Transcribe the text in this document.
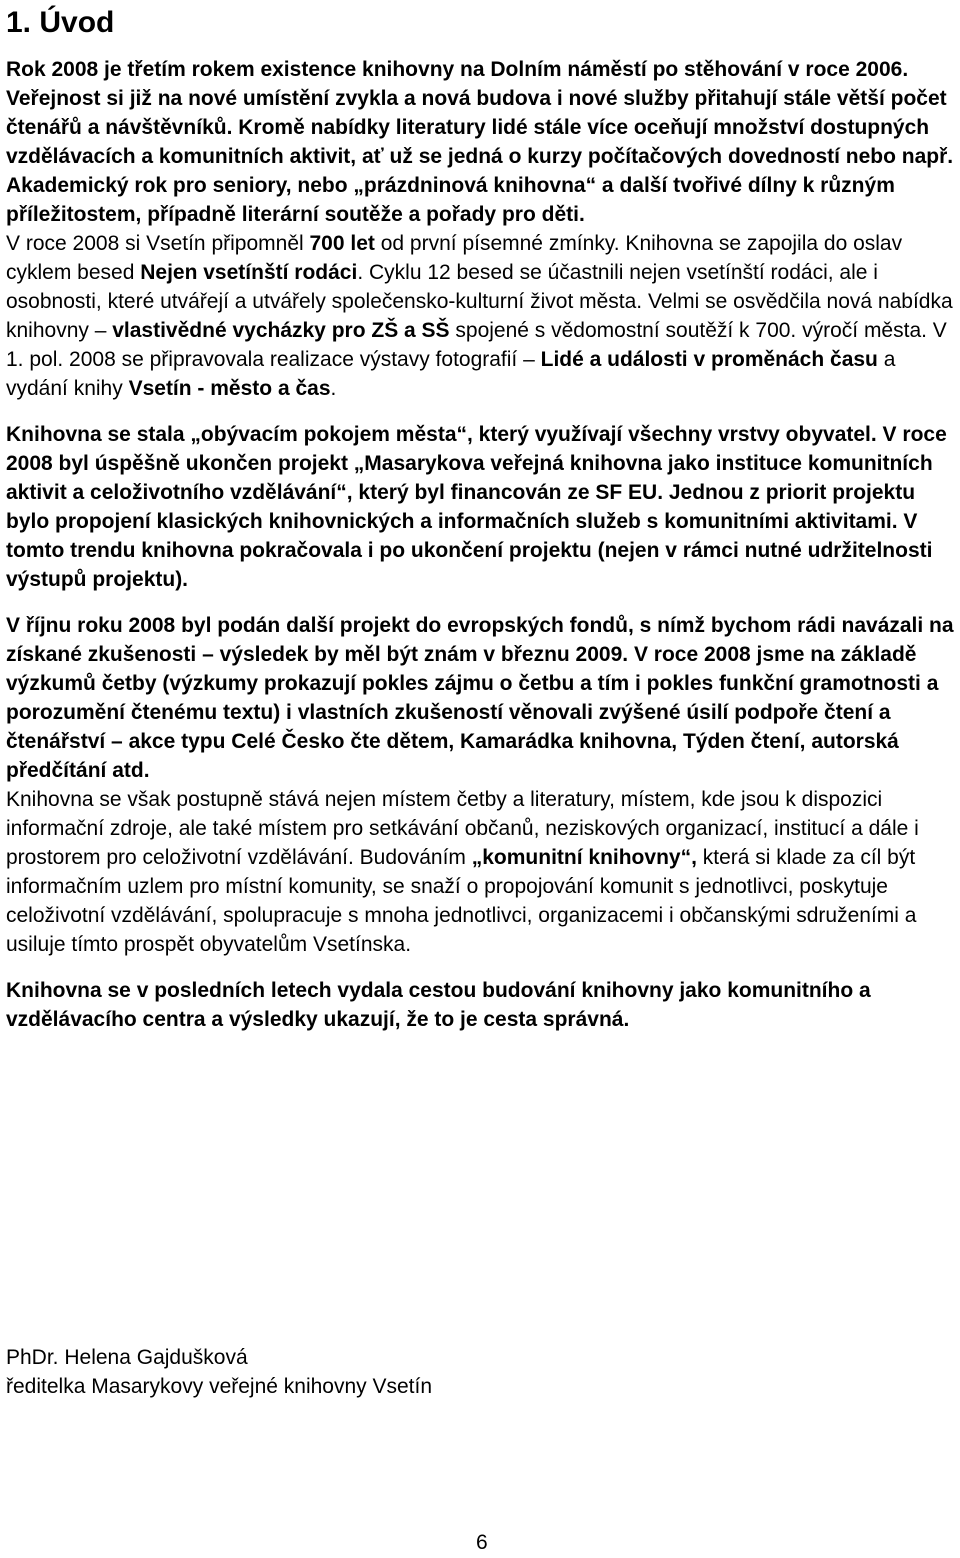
1. Úvod

Rok 2008 je třetím rokem existence knihovny na Dolním náměstí po stěhování v roce 2006. Veřejnost si již na nové umístění zvykla a nová budova i nové služby přitahují stále větší počet čtenářů a návštěvníků. Kromě nabídky literatury lidé stále více oceňují množství dostupných vzdělávacích a komunitních aktivit, ať už se jedná o kurzy počítačových dovedností nebo např. Akademický rok pro seniory, nebo „prázdninová knihovna“ a další tvořivé dílny k různým příležitostem, případně literární soutěže a pořady pro děti.
V roce 2008 si Vsetín připomněl 700 let od první písemné zmínky. Knihovna se zapojila do oslav cyklem besed Nejen vsetínští rodáci. Cyklu 12 besed se účastnili nejen vsetínští rodáci, ale i osobnosti, které utvářejí a utvářely společensko-kulturní život města. Velmi se osvědčila nová nabídka knihovny – vlastivědné vycházky pro ZŠ a SŠ spojené s vědomostní soutěží k 700. výročí města. V 1. pol. 2008 se připravovala realizace výstavy fotografií – Lidé a události v proměnách času a vydání knihy Vsetín - město a čas.

Knihovna se stala „obývacím pokojem města“, který využívají všechny vrstvy obyvatel. V roce 2008 byl úspěšně ukončen projekt „Masarykova veřejná knihovna jako instituce komunitních aktivit a celoživotního vzdělávání“, který byl financován ze SF EU. Jednou z priorit projektu bylo propojení klasických knihovnických a informačních služeb s komunitními aktivitami. V tomto trendu knihovna pokračovala i po ukončení projektu (nejen v rámci nutné udržitelnosti výstupů projektu).

V říjnu roku 2008 byl podán další projekt do evropských fondů, s nímž bychom rádi navázali na získané zkušenosti – výsledek by měl být znám v březnu 2009. V roce 2008 jsme na základě výzkumů četby (výzkumy prokazují pokles zájmu o četbu a tím i pokles funkční gramotnosti a porozumění čtenému textu) i vlastních zkušeností věnovali zvýšené úsilí podpoře čtení a čtenářství – akce typu Celé Česko čte dětem, Kamarádka knihovna, Týden čtení, autorská předčítání atd.
Knihovna se však postupně stává nejen místem četby a literatury, místem, kde jsou k dispozici informační zdroje, ale také místem pro setkávání občanů, neziskových organizací, institucí a dále i prostorem pro celoživotní vzdělávání. Budováním „komunitní knihovny“, která si klade za cíl být informačním uzlem pro místní komunity, se snaží o propojování komunit s jednotlivci, poskytuje celoživotní vzdělávání, spolupracuje s mnoha jednotlivci, organizacemi i občanskými sdruženími a usiluje tímto prospět obyvatelům Vsetínska.

Knihovna se v posledních letech vydala cestou budování knihovny jako komunitního a vzdělávacího centra a výsledky ukazují, že to je cesta správná.

PhDr. Helena Gajdušková
ředitelka Masarykovy veřejné knihovny Vsetín
6
